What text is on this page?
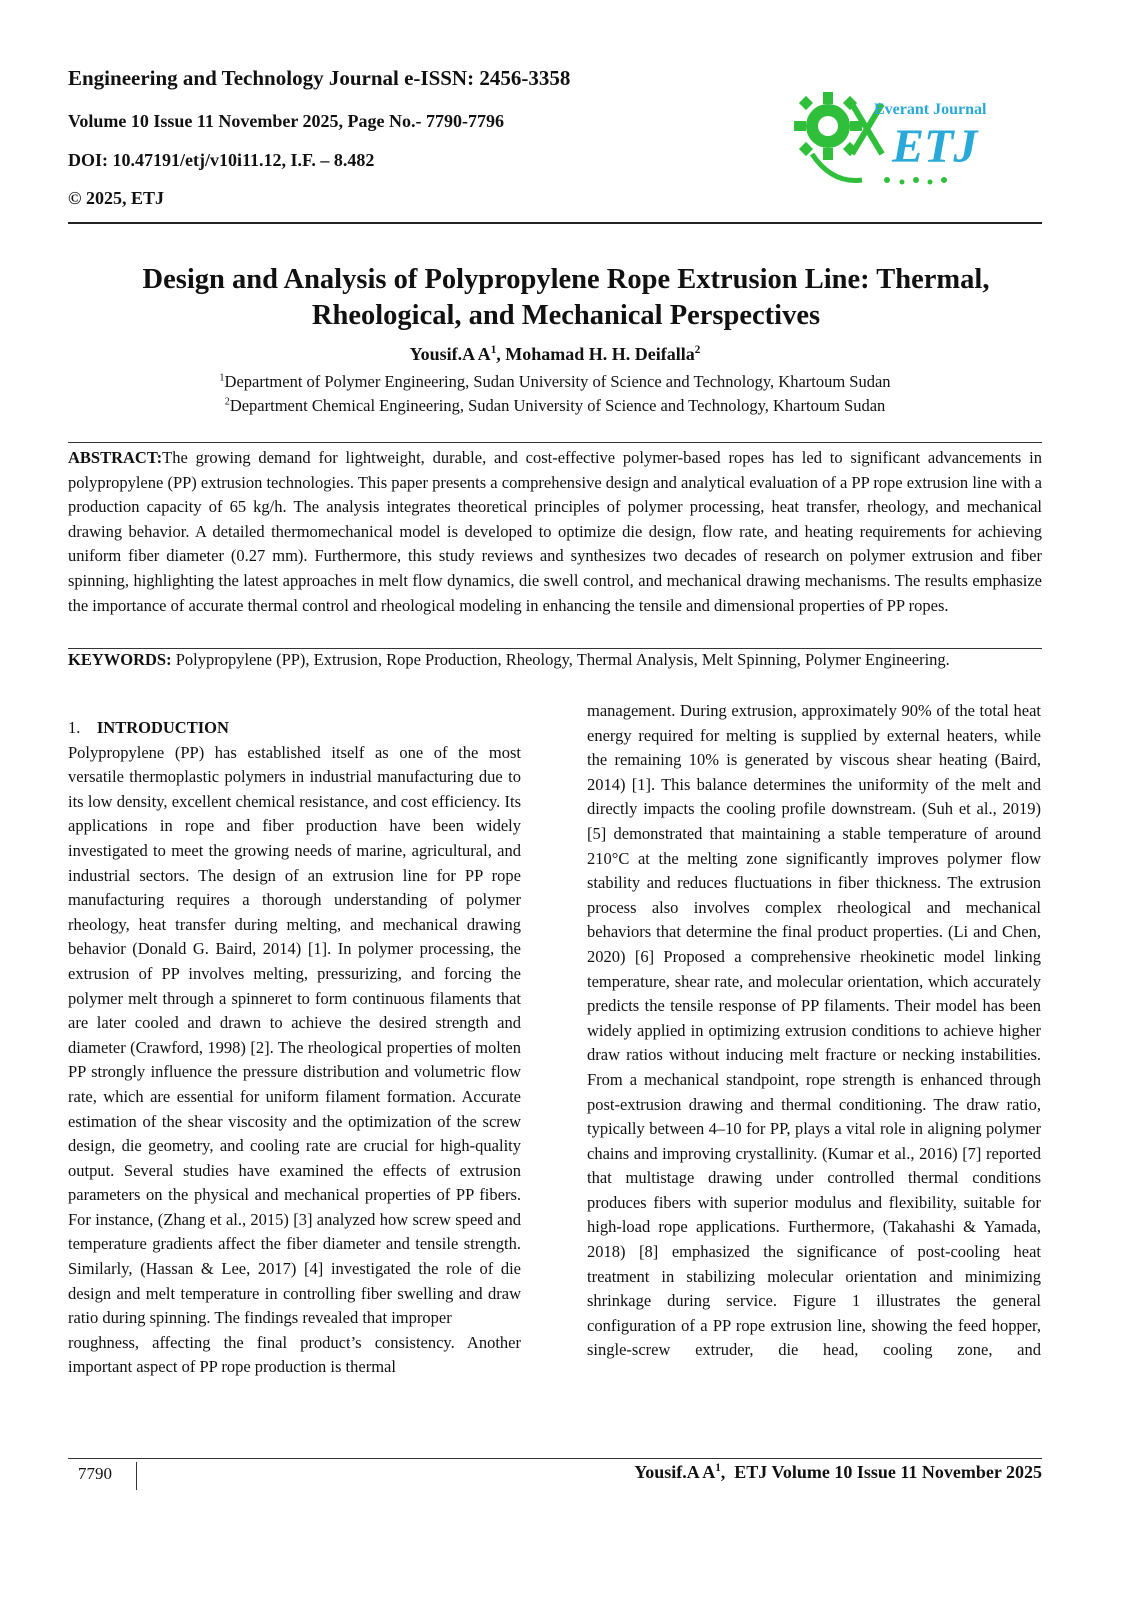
Engineering and Technology Journal e-ISSN: 2456-3358
Volume 10 Issue 11 November 2025, Page No.- 7790-7796
DOI: 10.47191/etj/v10i11.12, I.F. – 8.482
© 2025, ETJ
Everant Journal
ETJ
Design and Analysis of Polypropylene Rope Extrusion Line: Thermal,
Rheological, and Mechanical Perspectives
Yousif.A $A^1$, Mohamad H. H. Deifalla$^2$
$^1$Department of Polymer Engineering, Sudan University of Science and Technology, Khartoum Sudan
$^2$Department Chemical Engineering, Sudan University of Science and Technology, Khartoum Sudan
ABSTRACT:The growing demand for lightweight, durable, and cost-effective polymer-based ropes has led to significant advancements in polypropylene (PP) extrusion technologies. This paper presents a comprehensive design and analytical evaluation of a PP rope extrusion line with a production capacity of 65 kg/h. The analysis integrates theoretical principles of polymer processing, heat transfer, rheology, and mechanical drawing behavior. A detailed thermomechanical model is developed to optimize die design, flow rate, and heating requirements for achieving uniform fiber diameter (0.27 mm). Furthermore, this study reviews and synthesizes two decades of research on polymer extrusion and fiber spinning, highlighting the latest approaches in melt flow dynamics, die swell control, and mechanical drawing mechanisms. The results emphasize the importance of accurate thermal control and rheological modeling in enhancing the tensile and dimensional properties of PP ropes.
KEYWORDS: Polypropylene (PP), Extrusion, Rope Production, Rheology, Thermal Analysis, Melt Spinning, Polymer Engineering.

1. INTRODUCTION

Polypropylene (PP) has established itself as one of the most versatile thermoplastic polymers in industrial manufacturing due to its low density, excellent chemical resistance, and cost efficiency. Its applications in rope and fiber production have been widely investigated to meet the growing needs of marine, agricultural, and industrial sectors. The design of an extrusion line for PP rope manufacturing requires a thorough understanding of polymer rheology, heat transfer during melting, and mechanical drawing behavior (Donald G. Baird, 2014) [1]. In polymer processing, the extrusion of PP involves melting, pressurizing, and forcing the polymer melt through a spinneret to form continuous filaments that are later cooled and drawn to achieve the desired strength and diameter (Crawford, 1998) [2]. The rheological properties of molten PP strongly influence the pressure distribution and volumetric flow rate, which are essential for uniform filament formation. Accurate estimation of the shear viscosity and the optimization of the screw design, die geometry, and cooling rate are crucial for high-quality output. Several studies have examined the effects of extrusion parameters on the physical and mechanical properties of PP fibers. For instance, (Zhang et al., 2015) [3] analyzed how screw speed and temperature gradients affect the fiber diameter and tensile strength. Similarly, (Hassan & Lee, 2017) [4] investigated the role of die design and melt temperature in controlling fiber swelling and draw ratio during spinning. The findings revealed that improper

roughness, affecting the final product’s consistency. Another important aspect of PP rope production is thermal

management. During extrusion, approximately 90% of the total heat energy required for melting is supplied by external heaters, while the remaining 10% is generated by viscous shear heating (Baird, 2014) [1]. This balance determines the uniformity of the melt and directly impacts the cooling profile downstream. (Suh et al., 2019) [5] demonstrated that maintaining a stable temperature of around 210°C at the melting zone significantly improves polymer flow stability and reduces fluctuations in fiber thickness. The extrusion process also involves complex rheological and mechanical behaviors that determine the final product properties. (Li and Chen, 2020) [6] Proposed a comprehensive rheokinetic model linking temperature, shear rate, and molecular orientation, which accurately predicts the tensile response of PP filaments. Their model has been widely applied in optimizing extrusion conditions to achieve higher draw ratios without inducing melt fracture or necking instabilities. From a mechanical standpoint, rope strength is enhanced through post-extrusion drawing and thermal conditioning. The draw ratio, typically between 4–10 for PP, plays a vital role in aligning polymer chains and improving crystallinity. (Kumar et al., 2016) [7] reported that multistage drawing under controlled thermal conditions produces fibers with superior modulus and flexibility, suitable for high-load rope applications. Furthermore, (Takahashi & Yamada, 2018) [8] emphasized the significance of post-cooling heat treatment in stabilizing molecular orientation and minimizing shrinkage during service. Figure 1 illustrates the general configuration of a PP rope extrusion line, showing the feed hopper, single-screw extruder, die head, cooling zone, and

7790	Yousif.A $A^1$,  ETJ Volume 10 Issue 11 November 2025
